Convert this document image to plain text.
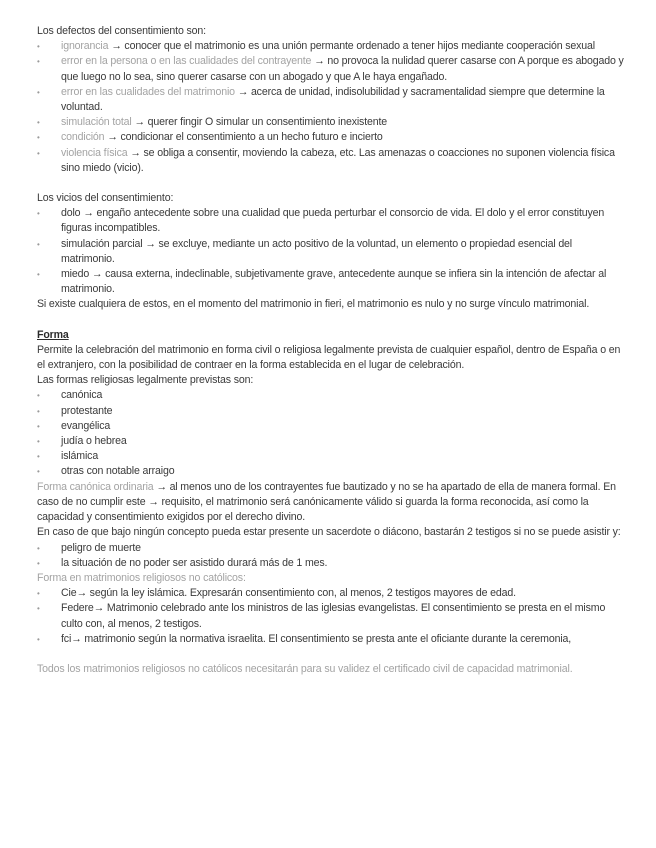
Los defectos del consentimiento son:

• ignorancia → conocer que el matrimonio es una unión permante ordenado a tener hijos mediante cooperación sexual
• error en la persona o en las cualidades del contrayente → no provoca la nulidad querer casarse con A porque es abogado y que luego no lo sea, sino querer casarse con un abogado y que A le haya engañado.
• error en las cualidades del matrimonio → acerca de unidad, indisolubilidad y sacramentalidad siempre que determine la voluntad.
• simulación total → querer fingir O simular un consentimiento inexistente
• condición → condicionar el consentimiento a un hecho futuro e incierto
• violencia física → se obliga a consentir, moviendo la cabeza, etc. Las amenazas o coacciones no suponen violencia física sino miedo (vicio).

Los vicios del consentimiento:

• dolo → engaño antecedente sobre una cualidad que pueda perturbar el consorcio de vida. El dolo y el error constituyen figuras incompatibles.
• simulación parcial → se excluye, mediante un acto positivo de la voluntad, un elemento o propiedad esencial del matrimonio.
• miedo → causa externa, indeclinable, subjetivamente grave, antecedente aunque se infiera sin la intención de afectar al matrimonio.

Si existe cualquiera de estos, en el momento del matrimonio in fieri, el matrimonio es nulo y no surge vínculo matrimonial.

Forma

Permite la celebración del matrimonio en forma civil o religiosa legalmente prevista de cualquier español, dentro de España o en el extranjero, con la posibilidad de contraer en la forma establecida en el lugar de celebración.

Las formas religiosas legalmente previstas son:

• canónica
• protestante
• evangélica
• judía o hebrea
• islámica
• otras con notable arraigo

Forma canónica ordinaria → al menos uno de los contrayentes fue bautizado y no se ha apartado de ella de manera formal. En caso de no cumplir este → requisito, el matrimonio será canónicamente válido si guarda la forma reconocida, así como la capacidad y consentimiento exigidos por el derecho divino.

En caso de que bajo ningún concepto pueda estar presente un sacerdote o diácono, bastarán 2 testigos si no se puede asistir y:

• peligro de muerte
• la situación de no poder ser asistido durará más de 1 mes.

Forma en matrimonios religiosos no católicos:

• Cie→ según la ley islámica. Expresarán consentimiento con, al menos, 2 testigos mayores de edad.
• Federe→ Matrimonio celebrado ante los ministros de las iglesias evangelistas. El consentimiento se presta en el mismo culto con, al menos, 2 testigos.
• fci→ matrimonio según la normativa israelita. El consentimiento se presta ante el oficiante durante la ceremonia,

Todos los matrimonios religiosos no católicos necesitarán para su validez el certificado civil de capacidad matrimonial.
